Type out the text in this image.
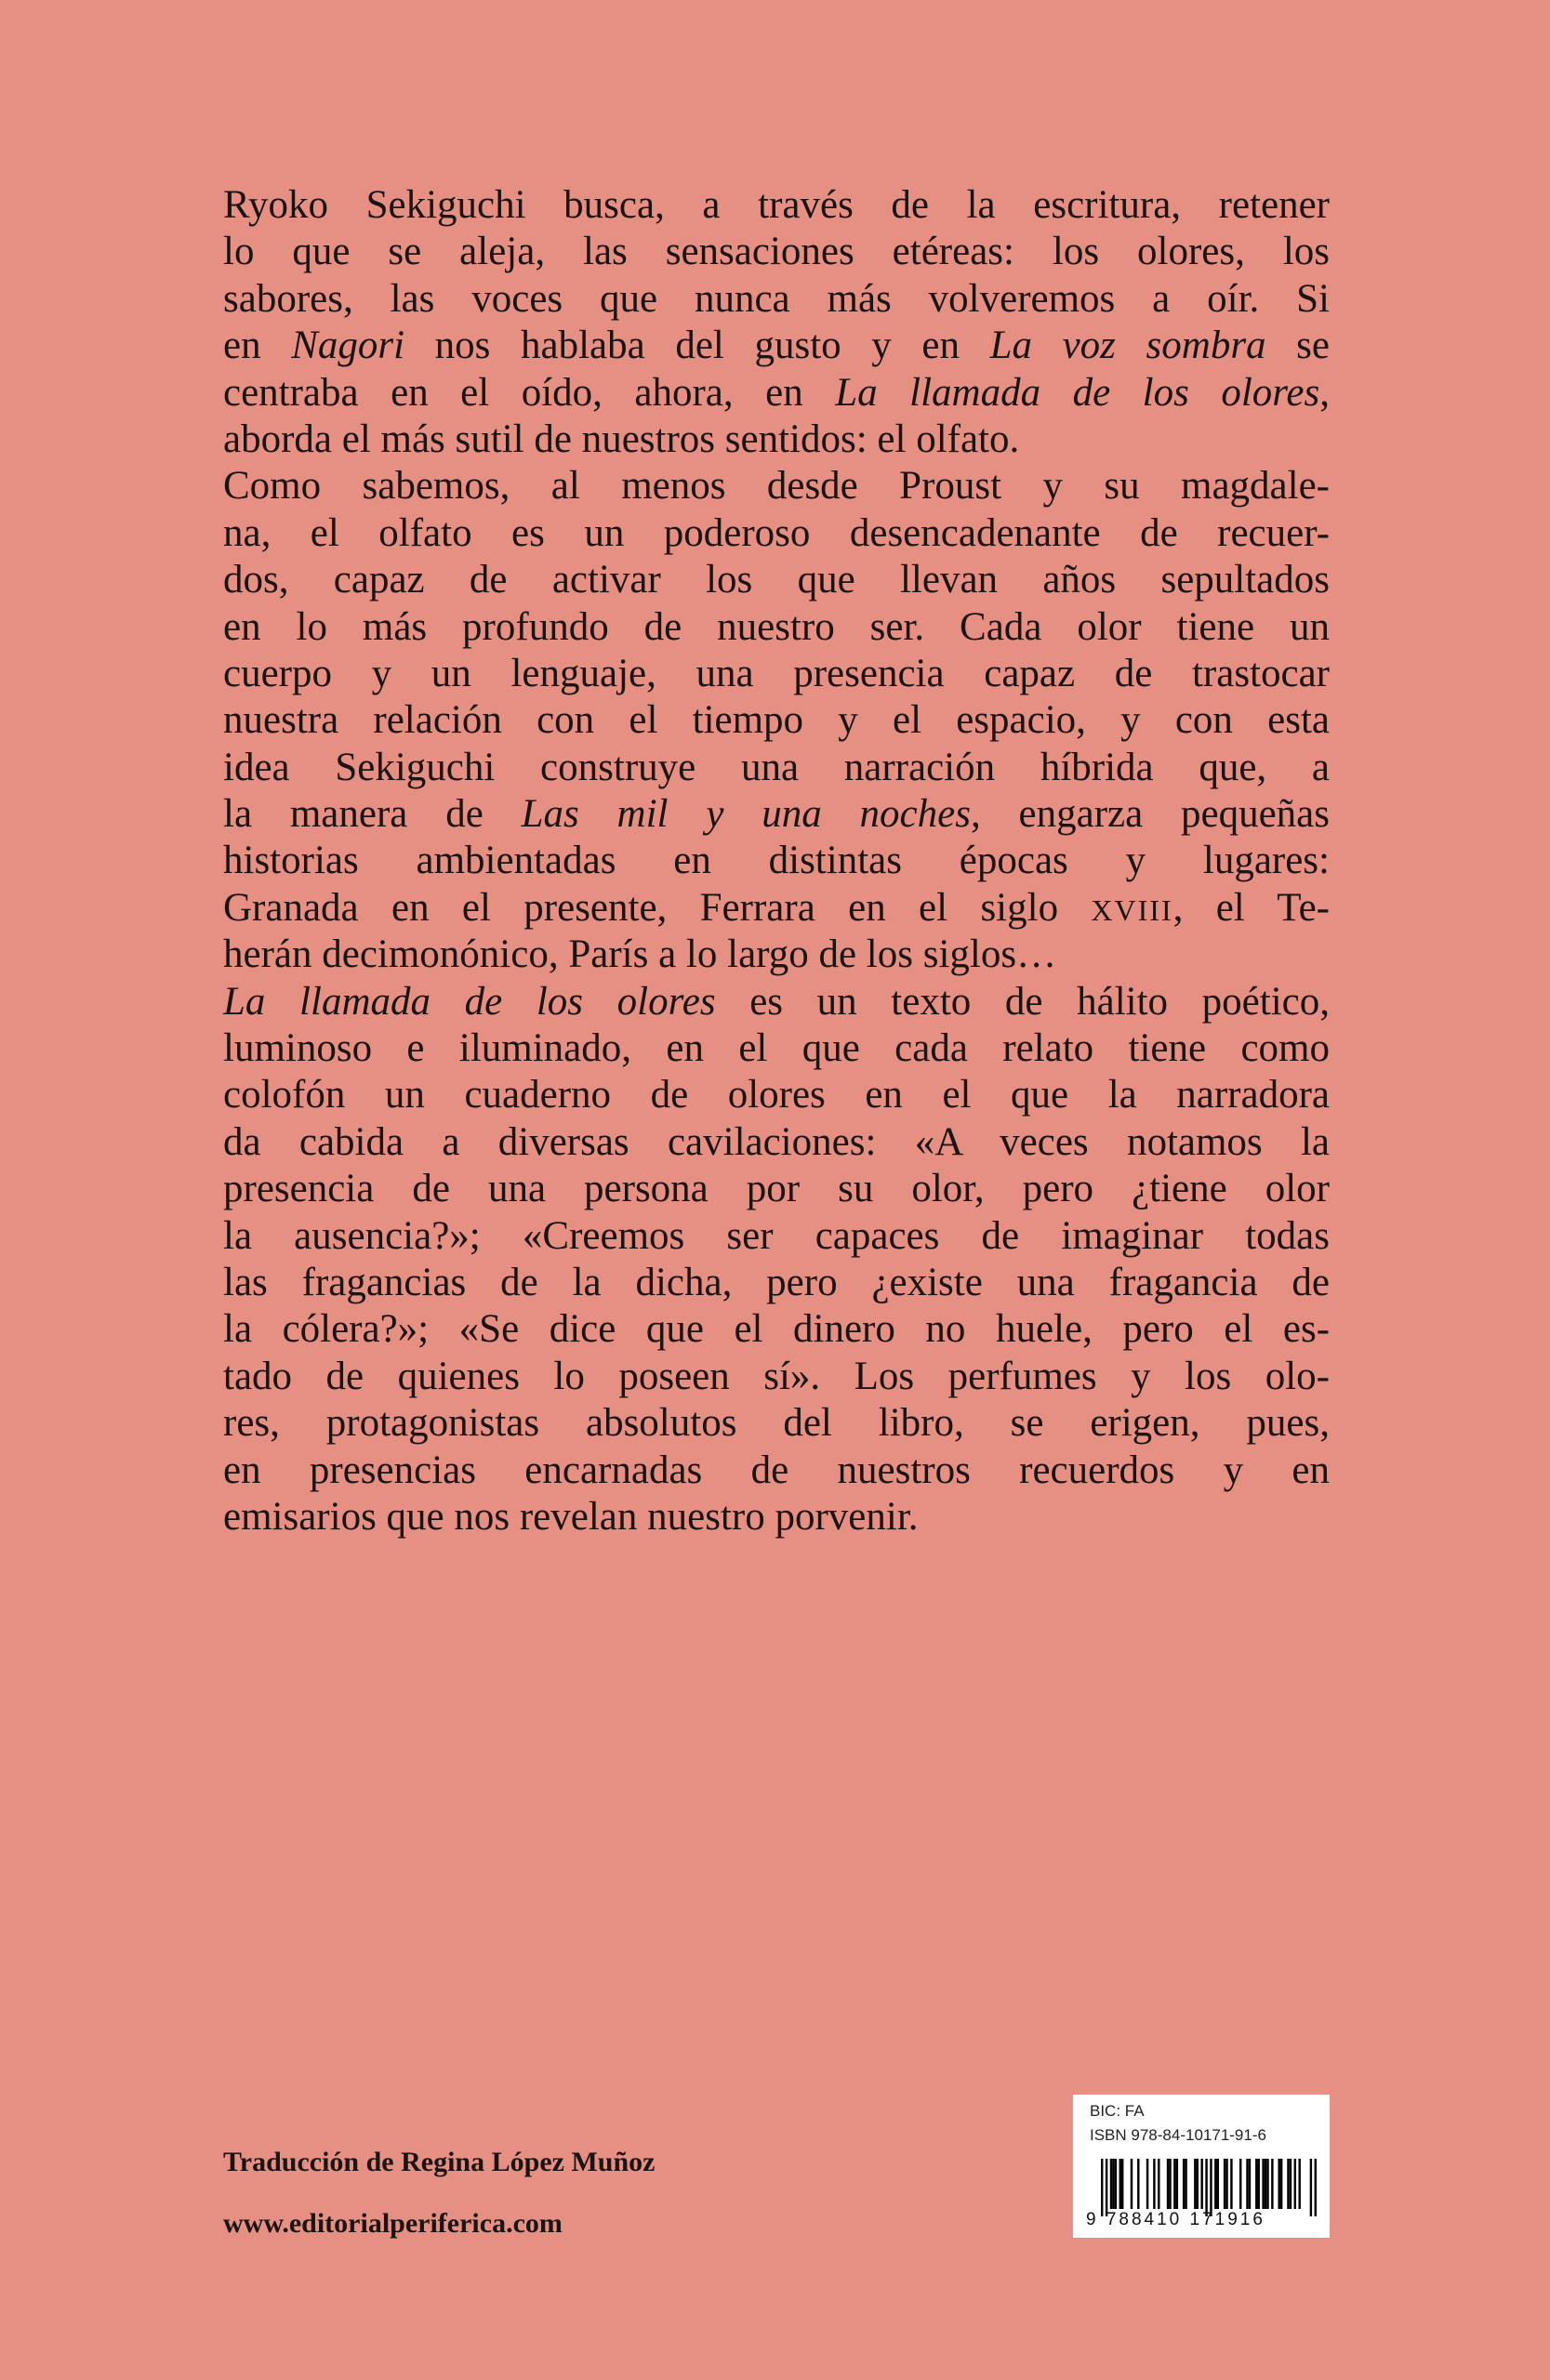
Ryoko Sekiguchi busca, a través de la escritura, retener
lo que se aleja, las sensaciones etéreas: los olores, los
sabores, las voces que nunca más volveremos a oír. Si
en Nagori nos hablaba del gusto y en La voz sombra se
centraba en el oído, ahora, en La llamada de los olores,
aborda el más sutil de nuestros sentidos: el olfato.
Como sabemos, al menos desde Proust y su magdale-
na, el olfato es un poderoso desencadenante de recuer-
dos, capaz de activar los que llevan años sepultados
en lo más profundo de nuestro ser. Cada olor tiene un
cuerpo y un lenguaje, una presencia capaz de trastocar
nuestra relación con el tiempo y el espacio, y con esta
idea Sekiguchi construye una narración híbrida que, a
la manera de Las mil y una noches, engarza pequeñas
historias ambientadas en distintas épocas y lugares:
Granada en el presente, Ferrara en el siglo XVIII, el Te-
herán decimonónico, París a lo largo de los siglos…
La llamada de los olores es un texto de hálito poético,
luminoso e iluminado, en el que cada relato tiene como
colofón un cuaderno de olores en el que la narradora
da cabida a diversas cavilaciones: «A veces notamos la
presencia de una persona por su olor, pero ¿tiene olor
la ausencia?»; «Creemos ser capaces de imaginar todas
las fragancias de la dicha, pero ¿existe una fragancia de
la cólera?»; «Se dice que el dinero no huele, pero el es-
tado de quienes lo poseen sí». Los perfumes y los olo-
res, protagonistas absolutos del libro, se erigen, pues,
en presencias encarnadas de nuestros recuerdos y en
emisarios que nos revelan nuestro porvenir.

Traducción de Regina López Muñoz

www.editorialperiferica.com

BIC: FA
ISBN 978-84-10171-91-6
9 788410 171916
